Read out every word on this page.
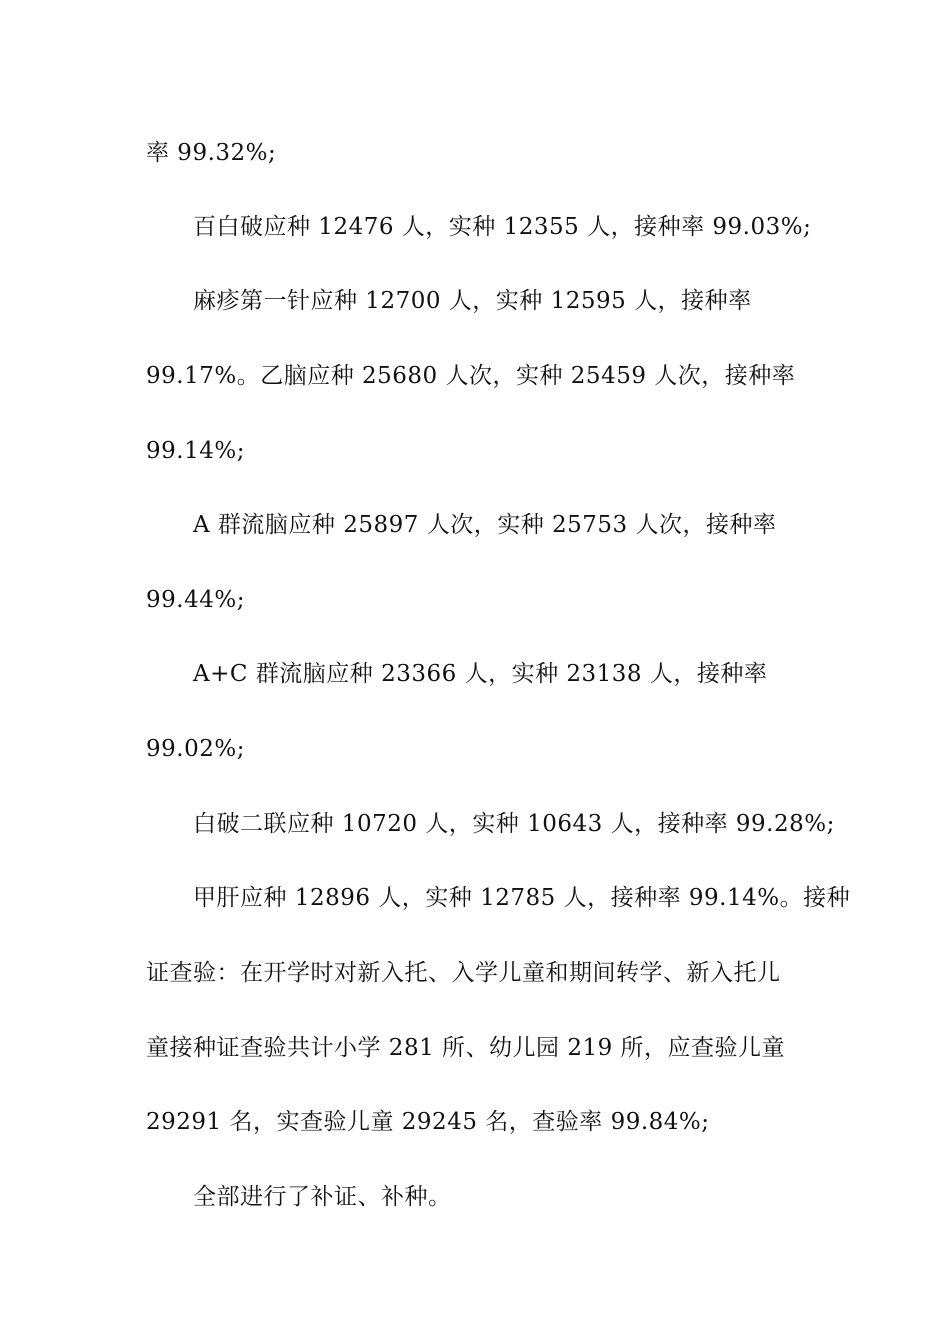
率 99.32%;
百白破应种 12476 人，实种 12355 人，接种率 99.03%;
麻疹第一针应种 12700 人，实种 12595 人，接种率
99.17%。乙脑应种 25680 人次，实种 25459 人次，接种率
99.14%;
A 群流脑应种 25897 人次，实种 25753 人次，接种率
99.44%;
A+C 群流脑应种 23366 人，实种 23138 人，接种率
99.02%;
白破二联应种 10720 人，实种 10643 人，接种率 99.28%;
甲肝应种 12896 人，实种 12785 人，接种率 99.14%。接种
证查验：在开学时对新入托、入学儿童和期间转学、新入托儿
童接种证查验共计小学 281 所、幼儿园 219 所，应查验儿童
29291 名，实查验儿童 29245 名，查验率 99.84%;
全部进行了补证、补种。
